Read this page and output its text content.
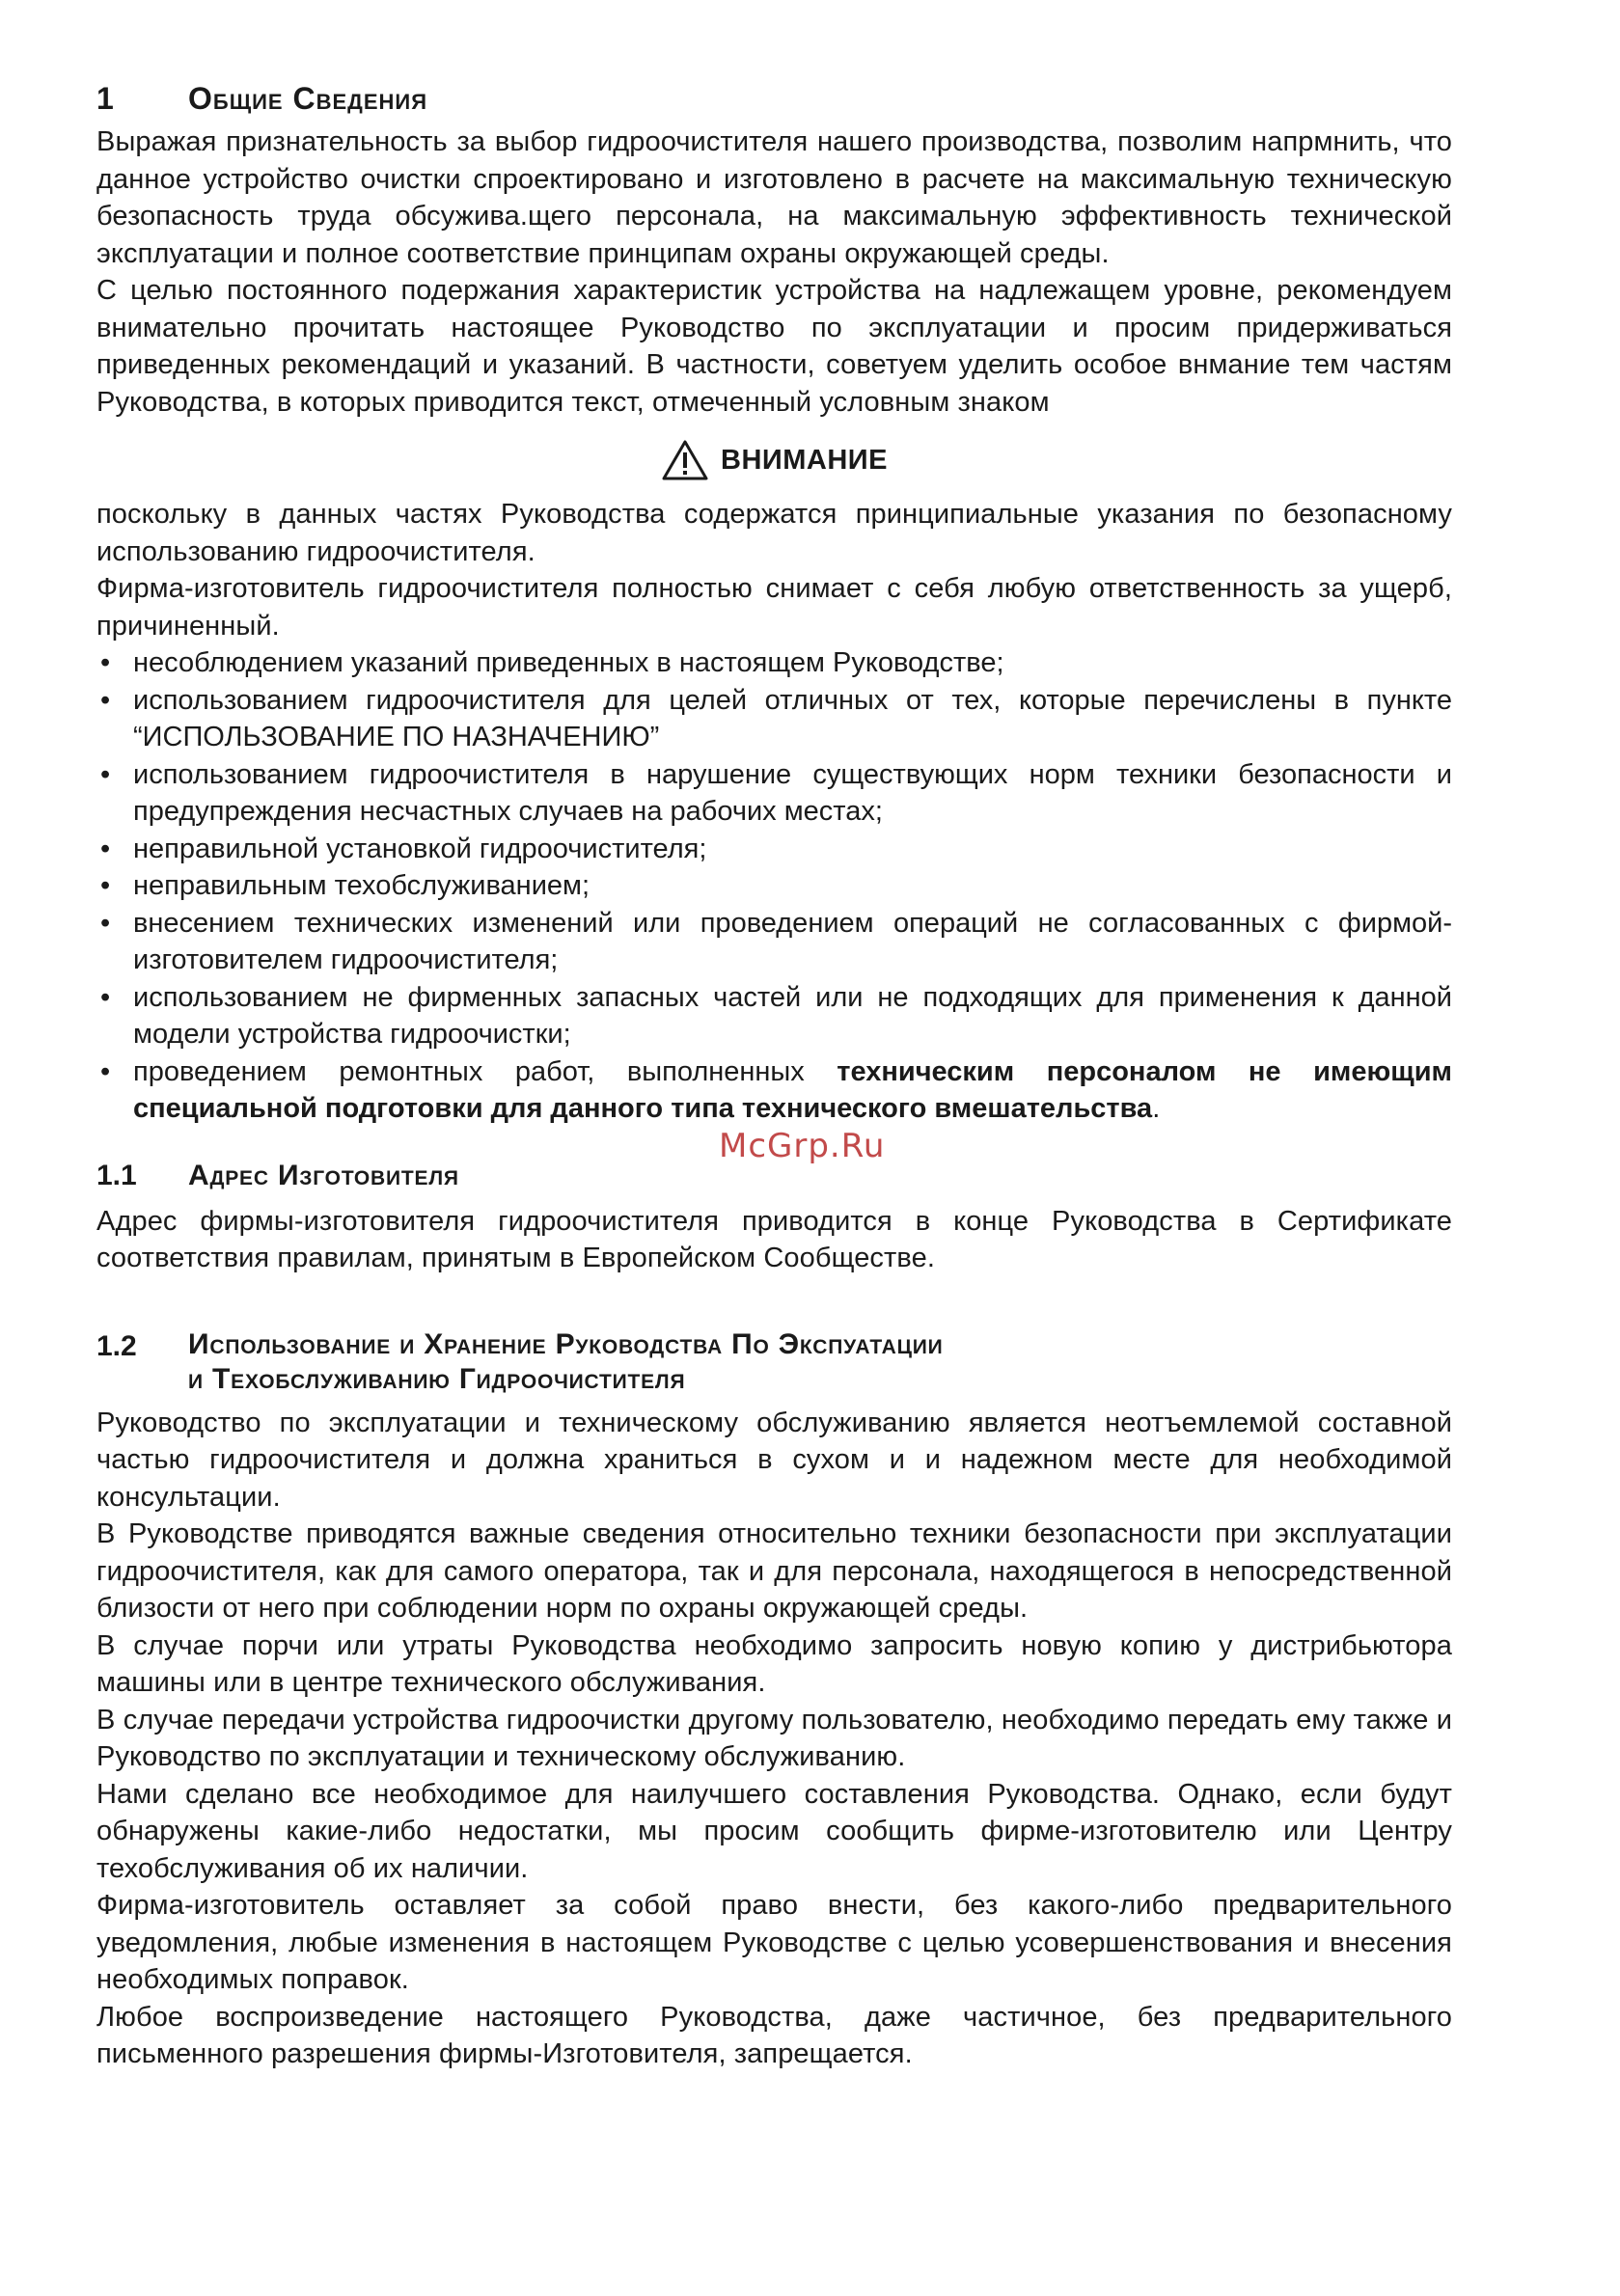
1	Общие Сведения

Выражая признательность за выбор гидроочистителя нашего производства, позволим напрмнить, что данное устройство очистки спроектировано и изготовлено в расчете на максимальную техническую безопасность труда обсужива.щего персонала, на максимальную эффективность технической эксплуатации и полное соответствие принципам охраны окружающей среды.

С целью постоянного подержания характеристик устройства на надлежащем уровне, рекомендуем внимательно прочитать настоящее Руководство по эксплуатации и просим придерживаться приведенных рекомендаций и указаний. В частности, советуем уделить особое внмание тем частям Руководства, в которых приводится текст, отмеченный условным знаком

ВНИМАНИЕ

поскольку в данных частях Руководства содержатся принципиальные указания по безопасному использованию гидроочистителя.

Фирма-изготовитель гидроочистителя полностью снимает с себя любую ответственность за ущерб, причиненный.

• несоблюдением указаний приведенных в настоящем Руководстве;
• использованием гидроочистителя для целей отличных от тех, которые перечислены в пункте “ИСПОЛЬЗОВАНИЕ ПО НАЗНАЧЕНИЮ”
• использованием гидроочистителя в нарушение существующих норм техники безопасности и предупреждения несчастных случаев на рабочих местах;
• неправильной установкой гидроочистителя;
• неправильным техобслуживанием;
• внесением технических изменений или проведением операций не согласованных с фирмой-изготовителем гидроочистителя;
• использованием не фирменных запасных частей или не подходящих для применения к данной модели устройства гидроочистки;
• проведением ремонтных работ, выполненных техническим персоналом не имеющим специальной подготовки для данного типа технического вмешательства.
1.1	Адрес Изготовителя

Адрес фирмы-изготовителя гидроочистителя приводится в конце Руководства в Сертификате соответствия правилам, принятым в Европейском Сообществе.

1.2	Использование и Хранение Руководства По Экспуатации
и Техобслуживанию Гидроочистителя

Руководство по эксплуатации и техническому обслуживанию является неотъемлемой составной частью гидроочистителя и должна храниться в сухом и и надежном месте для необходимой консультации.

В Руководстве приводятся важные сведения относительно техники безопасности при эксплуатации гидроочистителя, как для самого оператора, так и для персонала, находящегося в непосредственной близости от него при соблюдении норм по охраны окружающей среды.

В случае порчи или утраты Руководства необходимо запросить новую копию у дистрибьютора машины или в центре технического обслуживания.

В случае передачи устройства гидроочистки другому пользователю, необходимо передать ему также и Руководство по эксплуатации и техническому обслуживанию.

Нами сделано все необходимое для наилучшего составления Руководства. Однако, если будут обнаружены какие-либо недостатки, мы просим сообщить фирме-изготовителю или Центру техобслуживания об их наличии.

Фирма-изготовитель оставляет за собой право внести, без какого-либо предварительного уведомления, любые изменения в настоящем Руководстве с целью усовершенствования и внесения необходимых поправок.

Любое воспроизведение настоящего Руководства, даже частичное, без предварительного письменного разрешения фирмы-Изготовителя, запрещается.

McGrp.Ru
